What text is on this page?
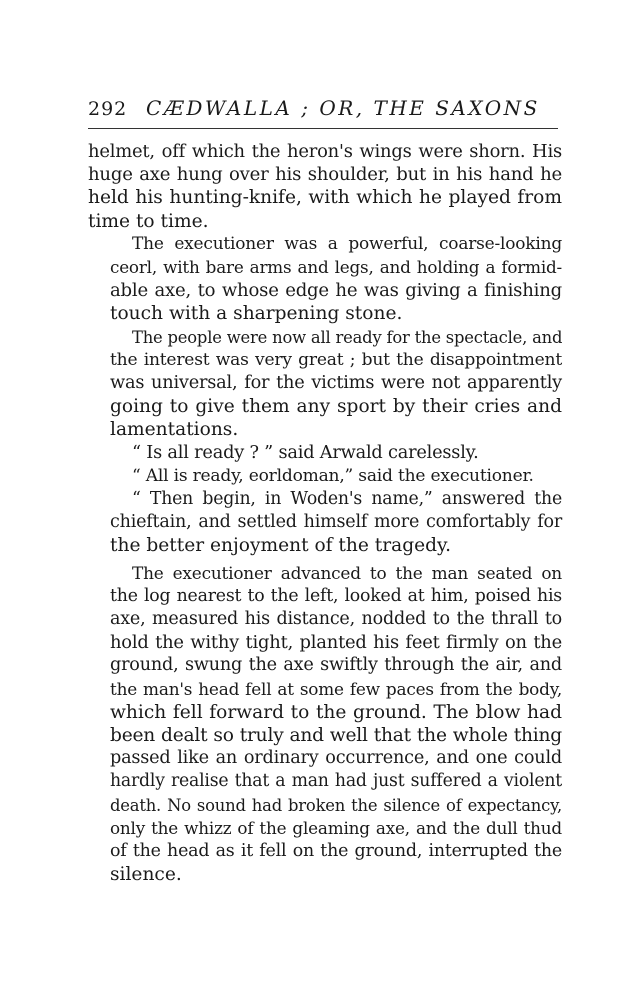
292 CÆDWALLA ; OR, THE SAXONS
helmet, off which the heron's wings were shorn. His
huge axe hung over his shoulder, but in his hand he
held his hunting-knife, with which he played from
time to time.
The executioner was a powerful, coarse-looking
ceorl, with bare arms and legs, and holding a formid-
able axe, to whose edge he was giving a finishing
touch with a sharpening stone.
The people were now all ready for the spectacle, and
the interest was very great ; but the disappointment
was universal, for the victims were not apparently
going to give them any sport by their cries and
lamentations.
“ Is all ready ? ” said Arwald carelessly.
“ All is ready, eorldoman,” said the executioner.
“ Then begin, in Woden's name,” answered the
chieftain, and settled himself more comfortably for
the better enjoyment of the tragedy.
The executioner advanced to the man seated on
the log nearest to the left, looked at him, poised his
axe, measured his distance, nodded to the thrall to
hold the withy tight, planted his feet firmly on the
ground, swung the axe swiftly through the air, and
the man's head fell at some few paces from the body,
which fell forward to the ground. The blow had
been dealt so truly and well that the whole thing
passed like an ordinary occurrence, and one could
hardly realise that a man had just suffered a violent
death. No sound had broken the silence of expectancy,
only the whizz of the gleaming axe, and the dull thud
of the head as it fell on the ground, interrupted the
silence.
